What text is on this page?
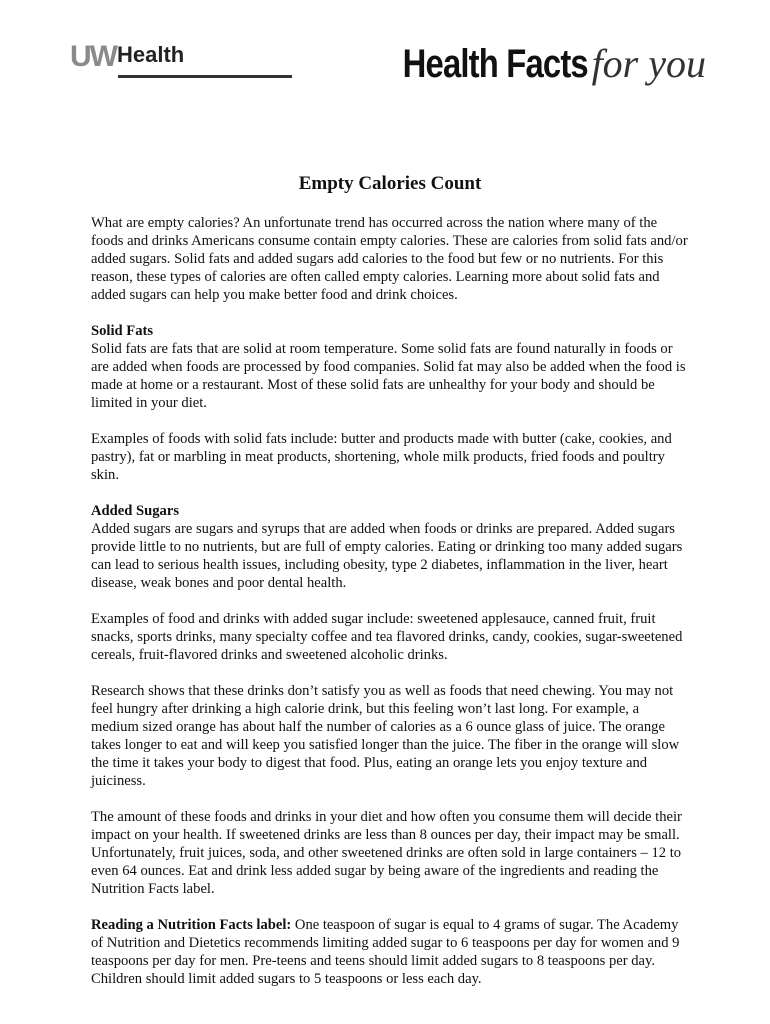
UW Health	Health Facts for you
Empty Calories Count

What are empty calories? An unfortunate trend has occurred across the nation where many of the foods and drinks Americans consume contain empty calories. These are calories from solid fats and/or added sugars. Solid fats and added sugars add calories to the food but few or no nutrients. For this reason, these types of calories are often called empty calories. Learning more about solid fats and added sugars can help you make better food and drink choices.

Solid Fats
Solid fats are fats that are solid at room temperature. Some solid fats are found naturally in foods or are added when foods are processed by food companies. Solid fat may also be added when the food is made at home or a restaurant. Most of these solid fats are unhealthy for your body and should be limited in your diet.

Examples of foods with solid fats include: butter and products made with butter (cake, cookies, and pastry), fat or marbling in meat products, shortening, whole milk products, fried foods and poultry skin.

Added Sugars
Added sugars are sugars and syrups that are added when foods or drinks are prepared. Added sugars provide little to no nutrients, but are full of empty calories. Eating or drinking too many added sugars can lead to serious health issues, including obesity, type 2 diabetes, inflammation in the liver, heart disease, weak bones and poor dental health.

Examples of food and drinks with added sugar include: sweetened applesauce, canned fruit, fruit snacks, sports drinks, many specialty coffee and tea flavored drinks, candy, cookies, sugar-sweetened cereals, fruit-flavored drinks and sweetened alcoholic drinks.

Research shows that these drinks don’t satisfy you as well as foods that need chewing. You may not feel hungry after drinking a high calorie drink, but this feeling won’t last long. For example, a medium sized orange has about half the number of calories as a 6 ounce glass of juice. The orange takes longer to eat and will keep you satisfied longer than the juice. The fiber in the orange will slow the time it takes your body to digest that food. Plus, eating an orange lets you enjoy texture and juiciness.

The amount of these foods and drinks in your diet and how often you consume them will decide their impact on your health. If sweetened drinks are less than 8 ounces per day, their impact may be small. Unfortunately, fruit juices, soda, and other sweetened drinks are often sold in large containers – 12 to even 64 ounces. Eat and drink less added sugar by being aware of the ingredients and reading the Nutrition Facts label.

Reading a Nutrition Facts label: One teaspoon of sugar is equal to 4 grams of sugar. The Academy of Nutrition and Dietetics recommends limiting added sugar to 6 teaspoons per day for women and 9 teaspoons per day for men. Pre-teens and teens should limit added sugars to 8 teaspoons per day. Children should limit added sugars to 5 teaspoons or less each day.
